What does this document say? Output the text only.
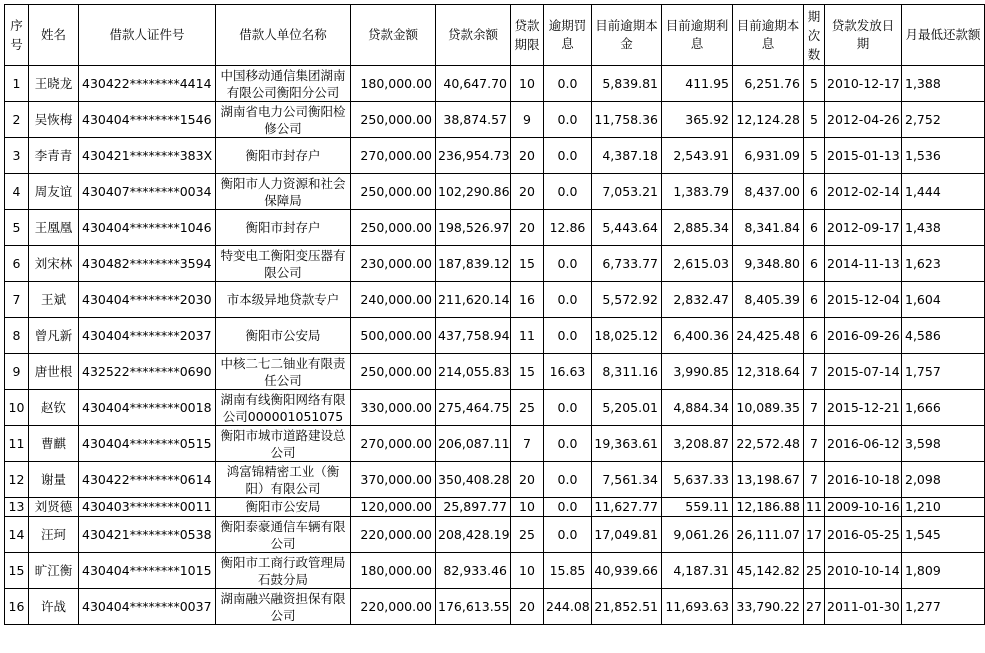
序号	姓名	借款人证件号	借款人单位名称	贷款金额	贷款余额	贷款期限	逾期罚息	目前逾期本金	目前逾期利息	目前逾期本息	期次数	贷款发放日期	月最低还款额
1	王晓龙	430422********4414	中国移动通信集团湖南有限公司衡阳分公司	180,000.00	40,647.70	10	0.0	5,839.81	411.95	6,251.76	5	2010-12-17	1,388
2	吴恢梅	430404********1546	湖南省电力公司衡阳检修公司	250,000.00	38,874.57	9	0.0	11,758.36	365.92	12,124.28	5	2012-04-26	2,752
3	李青青	430421********383X	衡阳市封存户	270,000.00	236,954.73	20	0.0	4,387.18	2,543.91	6,931.09	5	2015-01-13	1,536
4	周友谊	430407********0034	衡阳市人力资源和社会保障局	250,000.00	102,290.86	20	0.0	7,053.21	1,383.79	8,437.00	6	2012-02-14	1,444
5	王凰凰	430404********1046	衡阳市封存户	250,000.00	198,526.97	20	12.86	5,443.64	2,885.34	8,341.84	6	2012-09-17	1,438
6	刘宋林	430482********3594	特变电工衡阳变压器有限公司	230,000.00	187,839.12	15	0.0	6,733.77	2,615.03	9,348.80	6	2014-11-13	1,623
7	王斌	430404********2030	市本级异地贷款专户	240,000.00	211,620.14	16	0.0	5,572.92	2,832.47	8,405.39	6	2015-12-04	1,604
8	曾凡新	430404********2037	衡阳市公安局	500,000.00	437,758.94	11	0.0	18,025.12	6,400.36	24,425.48	6	2016-09-26	4,586
9	唐世根	432522********0690	中核二七二铀业有限责任公司	250,000.00	214,055.83	15	16.63	8,311.16	3,990.85	12,318.64	7	2015-07-14	1,757
10	赵钦	430404********0018	湖南有线衡阳网络有限公司000001051075	330,000.00	275,464.75	25	0.0	5,205.01	4,884.34	10,089.35	7	2015-12-21	1,666
11	曹麒	430404********0515	衡阳市城市道路建设总公司	270,000.00	206,087.11	7	0.0	19,363.61	3,208.87	22,572.48	7	2016-06-12	3,598
12	谢量	430422********0614	鸿富锦精密工业（衡阳）有限公司	370,000.00	350,408.28	20	0.0	7,561.34	5,637.33	13,198.67	7	2016-10-18	2,098
13	刘贤德	430403********0011	衡阳市公安局	120,000.00	25,897.77	10	0.0	11,627.77	559.11	12,186.88	11	2009-10-16	1,210
14	汪珂	430421********0538	衡阳泰豪通信车辆有限公司	220,000.00	208,428.19	25	0.0	17,049.81	9,061.26	26,111.07	17	2016-05-25	1,545
15	旷江衡	430404********1015	衡阳市工商行政管理局石鼓分局	180,000.00	82,933.46	10	15.85	40,939.66	4,187.31	45,142.82	25	2010-10-14	1,809
16	许战	430404********0037	湖南融兴融资担保有限公司	220,000.00	176,613.55	20	244.08	21,852.51	11,693.63	33,790.22	27	2011-01-30	1,277
